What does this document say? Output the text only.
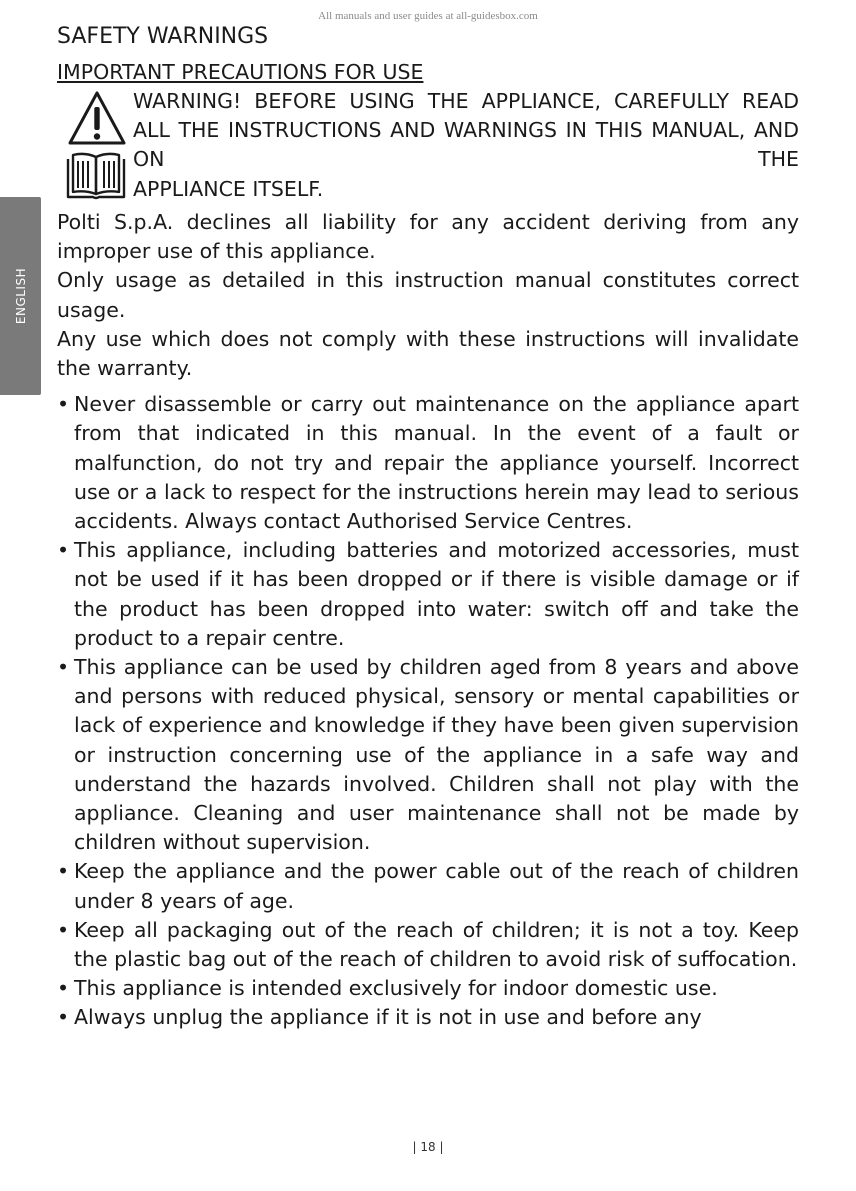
All manuals and user guides at all-guidesbox.com
ENGLISH
SAFETY WARNINGS
IMPORTANT PRECAUTIONS FOR USE
WARNING! BEFORE USING THE APPLIANCE, CAREFULLY READ ALL THE INSTRUCTIONS AND WARNINGS IN THIS MANUAL, AND ON THE
APPLIANCE ITSELF.

Polti S.p.A. declines all liability for any accident deriving from any improper use of this appliance.

Only usage as detailed in this instruction manual constitutes correct usage.

Any use which does not comply with these instructions will invalidate the warranty.

• Never disassemble or carry out maintenance on the appliance apart from that indicated in this manual. In the event of a fault or malfunction, do not try and repair the appliance yourself. Incorrect use or a lack to respect for the instructions herein may lead to serious accidents. Always contact Authorised Service Centres.
• This appliance, including batteries and motorized accessories, must not be used if it has been dropped or if there is visible damage or if the product has been dropped into water: switch off and take the product to a repair centre.
• This appliance can be used by children aged from 8 years and above and persons with reduced physical, sensory or mental capabilities or lack of experience and knowledge if they have been given supervision or instruction concerning use of the appliance in a safe way and understand the hazards involved. Children shall not play with the appliance. Cleaning and user maintenance shall not be made by children without supervision.
• Keep the appliance and the power cable out of the reach of children under 8 years of age.
• Keep all packaging out of the reach of children; it is not a toy. Keep the plastic bag out of the reach of children to avoid risk of suffocation.
• This appliance is intended exclusively for indoor domestic use.
• Always unplug the appliance if it is not in use and before any
| 18 |
